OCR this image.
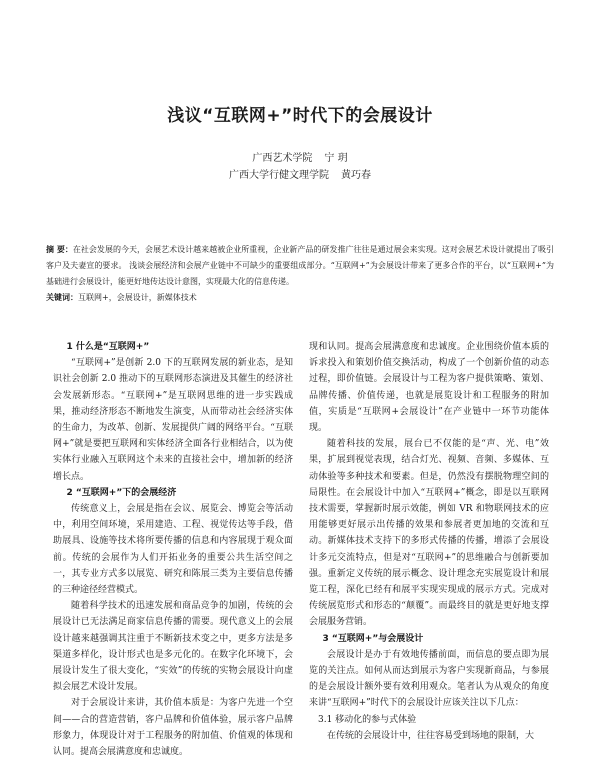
浅议“互联网+”时代下的会展设计
广西艺术学院 宁 玥
广西大学行健文理学院 黄巧春

摘 要：在社会发展的今天，会展艺术设计越来越被企业所重视，企业新产品的研发推广往往是通过展会来实现。这对会展艺术设计就提出了吸引客户及夫妻宣的要求。 浅谈会展经济和会展产业链中不可缺少的重要组成部分。“互联网+”为会展设计带来了更多合作的平台，以“互联网+”为基础进行会展设计，能更好地传达设计意图，实现最大化的信息传递。

关键词：互联网+，会展设计，新媒体技术
1 什么是“互联网+”

“互联网+”是创新 2.0 下的互联网发展的新业态，是知识社会创新 2.0 推动下的互联网形态演进及其催生的经济社会发展新形态。“互联网+”是互联网思维的进一步实践成果，推动经济形态不断地发生演变，从而带动社会经济实体的生命力，为改革、创新、发展提供广阔的网络平台。“互联网+”就是要把互联网和实体经济全面各行业相结合，以为使实体行业融入互联网这个未来的直接社会中，增加新的经济增长点。

2 “互联网+”下的会展经济

传统意义上，会展是指在会议、展览会、博览会等活动中，利用空间环境，采用建造、工程、视觉传达等手段，借助展具、设施等技术将所要传播的信息和内容展现于观众面前。传统的会展作为人们开拓业务的重要公共生活空间之一，其专业方式多以展览、研究和陈展三类为主要信息传播的三种途径经营模式。

随着科学技术的迅速发展和商品竞争的加剧，传统的会展设计已无法满足商家信息传播的需要。现代意义上的会展设计越来越强调其注重于不断新技术变之中，更多方法是多渠道多样化，设计形式也是多元化的。在数字化环境下，会展设计发生了很大变化，“实效”的传统的实物会展设计向虚拟会展艺术设计发展。

对于会展设计来讲，其价值本质是：为客户先进一个空间——合的营造营销，客户品牌和价值体验，展示客户品牌形象力，体现设计对于工程服务的附加值、价值观的体现和认同。提高会展满意度和忠诚度。

现和认同。提高会展满意度和忠诚度。企业围绕价值本质的诉求投入和策划价值交换活动，构成了一个创新价值的动态过程，即价值链。会展设计与工程为客户提供策略、策划、品牌传播、价值传递，也就是展览设计和工程服务的附加值，实质是“互联网+会展设计”在产业链中一环节功能体现。

随着科技的发展，展台已不仅能的是“声、光、电”效果，扩展到视觉表现，结合灯光、视频、音频、多媒体、互动体验等多种技术和要素。但是，仍然没有摆脱物理空间的局限性。在会展设计中加入“互联网+”概念，即是以互联网技术需要，掌握新时展示效能，例如 VR 和物联网技术的应用能够更好展示出传播的效果和参展者更加地的交流和互动。新媒体技术支持下的多形式传播的传播，增添了会展设计多元交流特点，但是对“互联网+”的思维融合与创新要加强。重新定义传统的展示概念、设计理念充实展览设计和展览工程，深化已经有和展平实现实现成的展示方式。完成对传统展览形式和形态的“颠覆”。而最终目的就是更好地支撑会展服务营销。

3 “互联网+”与会展设计

会展设计是办于有效地传播前面，而信息的要点即为展览的关注点。如何从而达到展示为客户实现新商品，与参展的是会展设计额外要有效利用观众。笔者认为从观众的角度来讲“互联网+”时代下的会展设计应该关注以下几点：

3.1 移动化的参与式体验

在传统的会展设计中，往往容易受到场地的限制，大
